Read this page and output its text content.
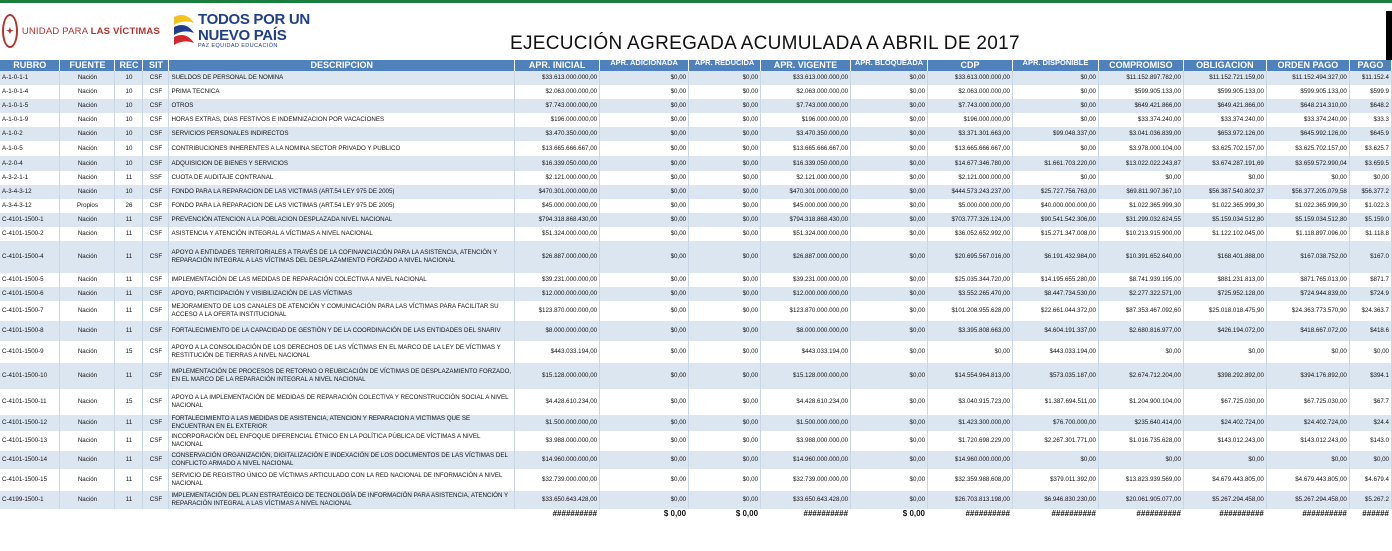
✦ UNIDAD PARA LAS VÍCTIMAS
TODOS POR UN
NUEVO PAÍS
PAZ EQUIDAD EDUCACIÓN	EJECUCIÓN AGREGADA ACUMULADA A ABRIL DE 2017
RUBRO	FUENTE	REC	SIT	DESCRIPCION	APR. INICIAL	APR. ADICIONADA	APR. REDUCIDA	APR. VIGENTE	APR. BLOQUEADA	CDP	APR. DISPONIBLE	COMPROMISO	OBLIGACION	ORDEN PAGO	PAGO
A-1-0-1-1	Nación	10	CSF	SUELDOS DE PERSONAL DE NOMINA	$33.613.000.000,00	$0,00	$0,00	$33.613.000.000,00	$0,00	$33.613.000.000,00	$0,00	$11.152.897.782,00	$11.152.721.159,00	$11.152.494.327,00	$11.152.4
A-1-0-1-4	Nación	10	CSF	PRIMA TECNICA	$2.063.000.000,00	$0,00	$0,00	$2.063.000.000,00	$0,00	$2.063.000.000,00	$0,00	$599.905.133,00	$599.905.133,00	$599.905.133,00	$599.9
A-1-0-1-5	Nación	10	CSF	OTROS	$7.743.000.000,00	$0,00	$0,00	$7.743.000.000,00	$0,00	$7.743.000.000,00	$0,00	$649.421.866,00	$649.421.866,00	$648.214.310,00	$648.2
A-1-0-1-9	Nación	10	CSF	HORAS EXTRAS, DIAS FESTIVOS E INDEMNIZACION POR VACACIONES	$196.000.000,00	$0,00	$0,00	$196.000.000,00	$0,00	$196.000.000,00	$0,00	$33.374.240,00	$33.374.240,00	$33.374.240,00	$33.3
A-1-0-2	Nación	10	CSF	SERVICIOS PERSONALES INDIRECTOS	$3.470.350.000,00	$0,00	$0,00	$3.470.350.000,00	$0,00	$3.371.301.663,00	$99.048.337,00	$3.041.036.839,00	$653.972.126,00	$645.992.126,00	$645.9
A-1-0-5	Nación	10	CSF	CONTRIBUCIONES INHERENTES A LA NOMINA SECTOR PRIVADO Y PUBLICO	$13.665.666.667,00	$0,00	$0,00	$13.665.666.667,00	$0,00	$13.665.666.667,00	$0,00	$3.978.000.104,00	$3.625.702.157,00	$3.625.702.157,00	$3.625.7
A-2-0-4	Nación	10	CSF	ADQUISICION DE BIENES Y SERVICIOS	$16.339.050.000,00	$0,00	$0,00	$16.339.050.000,00	$0,00	$14.677.346.780,00	$1.661.703.220,00	$13.022.022.243,87	$3.674.287.191,69	$3.659.572.990,04	$3.659.5
A-3-2-1-1	Nación	11	SSF	CUOTA DE AUDITAJE CONTRANAL	$2.121.000.000,00	$0,00	$0,00	$2.121.000.000,00	$0,00	$2.121.000.000,00	$0,00	$0,00	$0,00	$0,00	$0,00
A-3-4-3-12	Nación	10	CSF	FONDO PARA LA REPARACION DE LAS VICTIMAS (ART.54 LEY 975 DE 2005)	$470.301.000.000,00	$0,00	$0,00	$470.301.000.000,00	$0,00	$444.573.243.237,00	$25.727.756.763,00	$69.811.907.367,10	$56.387.540.802,37	$56.377.205.079,58	$56.377.2
A-3-4-3-12	Propios	26	CSF	FONDO PARA LA REPARACION DE LAS VICTIMAS (ART.54 LEY 975 DE 2005)	$45.000.000.000,00	$0,00	$0,00	$45.000.000.000,00	$0,00	$5.000.000.000,00	$40.000.000.000,00	$1.022.365.999,30	$1.022.365.999,30	$1.022.365.999,30	$1.022.3
C-4101-1500-1	Nación	11	CSF	PREVENCIÓN ATENCION A LA POBLACION DESPLAZADA NIVEL NACIONAL	$794.318.868.430,00	$0,00	$0,00	$794.318.868.430,00	$0,00	$703.777.326.124,00	$90.541.542.306,00	$31.299.032.624,55	$5.159.034.512,80	$5.159.034.512,80	$5.159.0
C-4101-1500-2	Nación	11	CSF	ASISTENCIA Y ATENCIÓN INTEGRAL A VÍCTIMAS A NIVEL NACIONAL	$51.324.000.000,00	$0,00	$0,00	$51.324.000.000,00	$0,00	$36.052.652.992,00	$15.271.347.008,00	$10.213.915.900,00	$1.122.102.045,00	$1.118.897.096,00	$1.118.8
C-4101-1500-4	Nación	11	CSF	APOYO A ENTIDADES TERRITORIALES A TRAVÉS DE LA COFINANCIACIÓN PARA LA ASISTENCIA, ATENCIÓN Y REPARACIÓN INTEGRAL A LAS VÍCTIMAS DEL DESPLAZAMIENTO FORZADO A NIVEL NACIONAL	$26.887.000.000,00	$0,00	$0,00	$26.887.000.000,00	$0,00	$20.695.567.016,00	$6.191.432.984,00	$10.391.652.640,00	$168.401.888,00	$167.038.752,00	$167.0
C-4101-1500-5	Nación	11	CSF	IMPLEMENTACIÓN DE LAS MEDIDAS DE REPARACIÓN COLECTIVA A NIVEL NACIONAL	$39.231.000.000,00	$0,00	$0,00	$39.231.000.000,00	$0,00	$25.035.344.720,00	$14.195.655.280,00	$8.741.939.195,00	$881.231.813,00	$871.765.013,00	$871.7
C-4101-1500-6	Nación	11	CSF	APOYO, PARTICIPACIÓN Y VISIBILIZACIÓN DE LAS VÍCTIMAS	$12.000.000.000,00	$0,00	$0,00	$12.000.000.000,00	$0,00	$3.552.265.470,00	$8.447.734.530,00	$2.277.322.571,00	$725.952.128,00	$724.944.839,00	$724.9
C-4101-1500-7	Nación	11	CSF	MEJORAMIENTO DE LOS CANALES DE ATENCIÓN Y COMUNICACIÓN PARA LAS VÍCTIMAS PARA FACILITAR SU ACCESO A LA OFERTA INSTITUCIONAL	$123.870.000.000,00	$0,00	$0,00	$123.870.000.000,00	$0,00	$101.208.955.628,00	$22.661.044.372,00	$87.353.467.092,60	$25.018.018.475,90	$24.363.773.570,90	$24.363.7
C-4101-1500-8	Nación	11	CSF	FORTALECIMIENTO DE LA CAPACIDAD DE GESTIÓN Y DE LA COORDINACIÓN DE LAS ENTIDADES DEL SNARIV	$8.000.000.000,00	$0,00	$0,00	$8.000.000.000,00	$0,00	$3.395.808.663,00	$4.604.191.337,00	$2.680.816.977,00	$426.194.072,00	$418.667.072,00	$418.6
C-4101-1500-9	Nación	15	CSF	APOYO A LA CONSOLIDACIÓN DE LOS DERECHOS DE LAS VÍCTIMAS EN EL MARCO DE LA LEY DE VÍCTIMAS Y RESTITUCIÓN DE TIERRAS A NIVEL NACIONAL	$443.033.194,00	$0,00	$0,00	$443.033.194,00	$0,00	$0,00	$443.033.194,00	$0,00	$0,00	$0,00	$0,00
C-4101-1500-10	Nación	11	CSF	IMPLEMENTACIÓN DE PROCESOS DE RETORNO O REUBICACIÓN DE VÍCTIMAS DE DESPLAZAMIENTO FORZADO, EN EL MARCO DE LA REPARACIÓN INTEGRAL A NIVEL NACIONAL	$15.128.000.000,00	$0,00	$0,00	$15.128.000.000,00	$0,00	$14.554.964.813,00	$573.035.187,00	$2.674.712.204,00	$398.292.892,00	$394.176.892,00	$394.1
C-4101-1500-11	Nación	15	CSF	APOYO A LA IMPLEMENTACIÓN DE MEDIDAS DE REPARACIÓN COLECTIVA Y RECONSTRUCCIÓN SOCIAL A NIVEL NACIONAL	$4.428.610.234,00	$0,00	$0,00	$4.428.610.234,00	$0,00	$3.040.915.723,00	$1.387.694.511,00	$1.204.900.104,00	$67.725.030,00	$67.725.030,00	$67.7
C-4101-1500-12	Nación	11	CSF	FORTALECIMIENTO A LAS MEDIDAS DE ASISTENCIA, ATENCIÓN Y REPARACIÓN A VÍCTIMAS QUE SE ENCUENTRAN EN EL EXTERIOR	$1.500.000.000,00	$0,00	$0,00	$1.500.000.000,00	$0,00	$1.423.300.000,00	$76.700.000,00	$235.640.414,00	$24.402.724,00	$24.402.724,00	$24.4
C-4101-1500-13	Nación	11	CSF	INCORPORACIÓN DEL ENFOQUE DIFERENCIAL ÉTNICO EN LA POLÍTICA PÚBLICA DE VÍCTIMAS A NIVEL NACIONAL	$3.988.000.000,00	$0,00	$0,00	$3.988.000.000,00	$0,00	$1.720.698.229,00	$2.267.301.771,00	$1.016.735.628,00	$143.012.243,00	$143.012.243,00	$143.0
C-4101-1500-14	Nación	11	CSF	CONSERVACIÓN ORGANIZACIÓN, DIGITALIZACIÓN E INDEXACIÓN DE LOS DOCUMENTOS DE LAS VÍCTIMAS DEL CONFLICTO ARMADO A NIVEL NACIONAL	$14.960.000.000,00	$0,00	$0,00	$14.960.000.000,00	$0,00	$14.960.000.000,00	$0,00	$0,00	$0,00	$0,00	$0,00
C-4101-1500-15	Nación	11	CSF	SERVICIO DE REGISTRO ÚNICO DE VÍCTIMAS ARTICULADO CON LA RED NACIONAL DE INFORMACIÓN A NIVEL NACIONAL	$32.739.000.000,00	$0,00	$0,00	$32.739.000.000,00	$0,00	$32.359.988.608,00	$379.011.392,00	$13.823.939.569,00	$4.679.443.805,00	$4.679.443.805,00	$4.679.4
C-4199-1500-1	Nación	11	CSF	IMPLEMENTACIÓN DEL PLAN ESTRATÉGICO DE TECNOLOGÍA DE INFORMACIÓN PARA ASISTENCIA, ATENCIÓN Y REPARACIÓN INTEGRAL A LAS VÍCTIMAS A NIVEL NACIONAL	$33.650.643.428,00	$0,00	$0,00	$33.650.643.428,00	$0,00	$26.703.813.198,00	$6.946.830.230,00	$20.061.905.077,00	$5.267.294.458,00	$5.267.294.458,00	$5.267.2
					##########	$ 0,00	$ 0,00	##########	$ 0,00	##########	##########	##########	##########	##########	######
